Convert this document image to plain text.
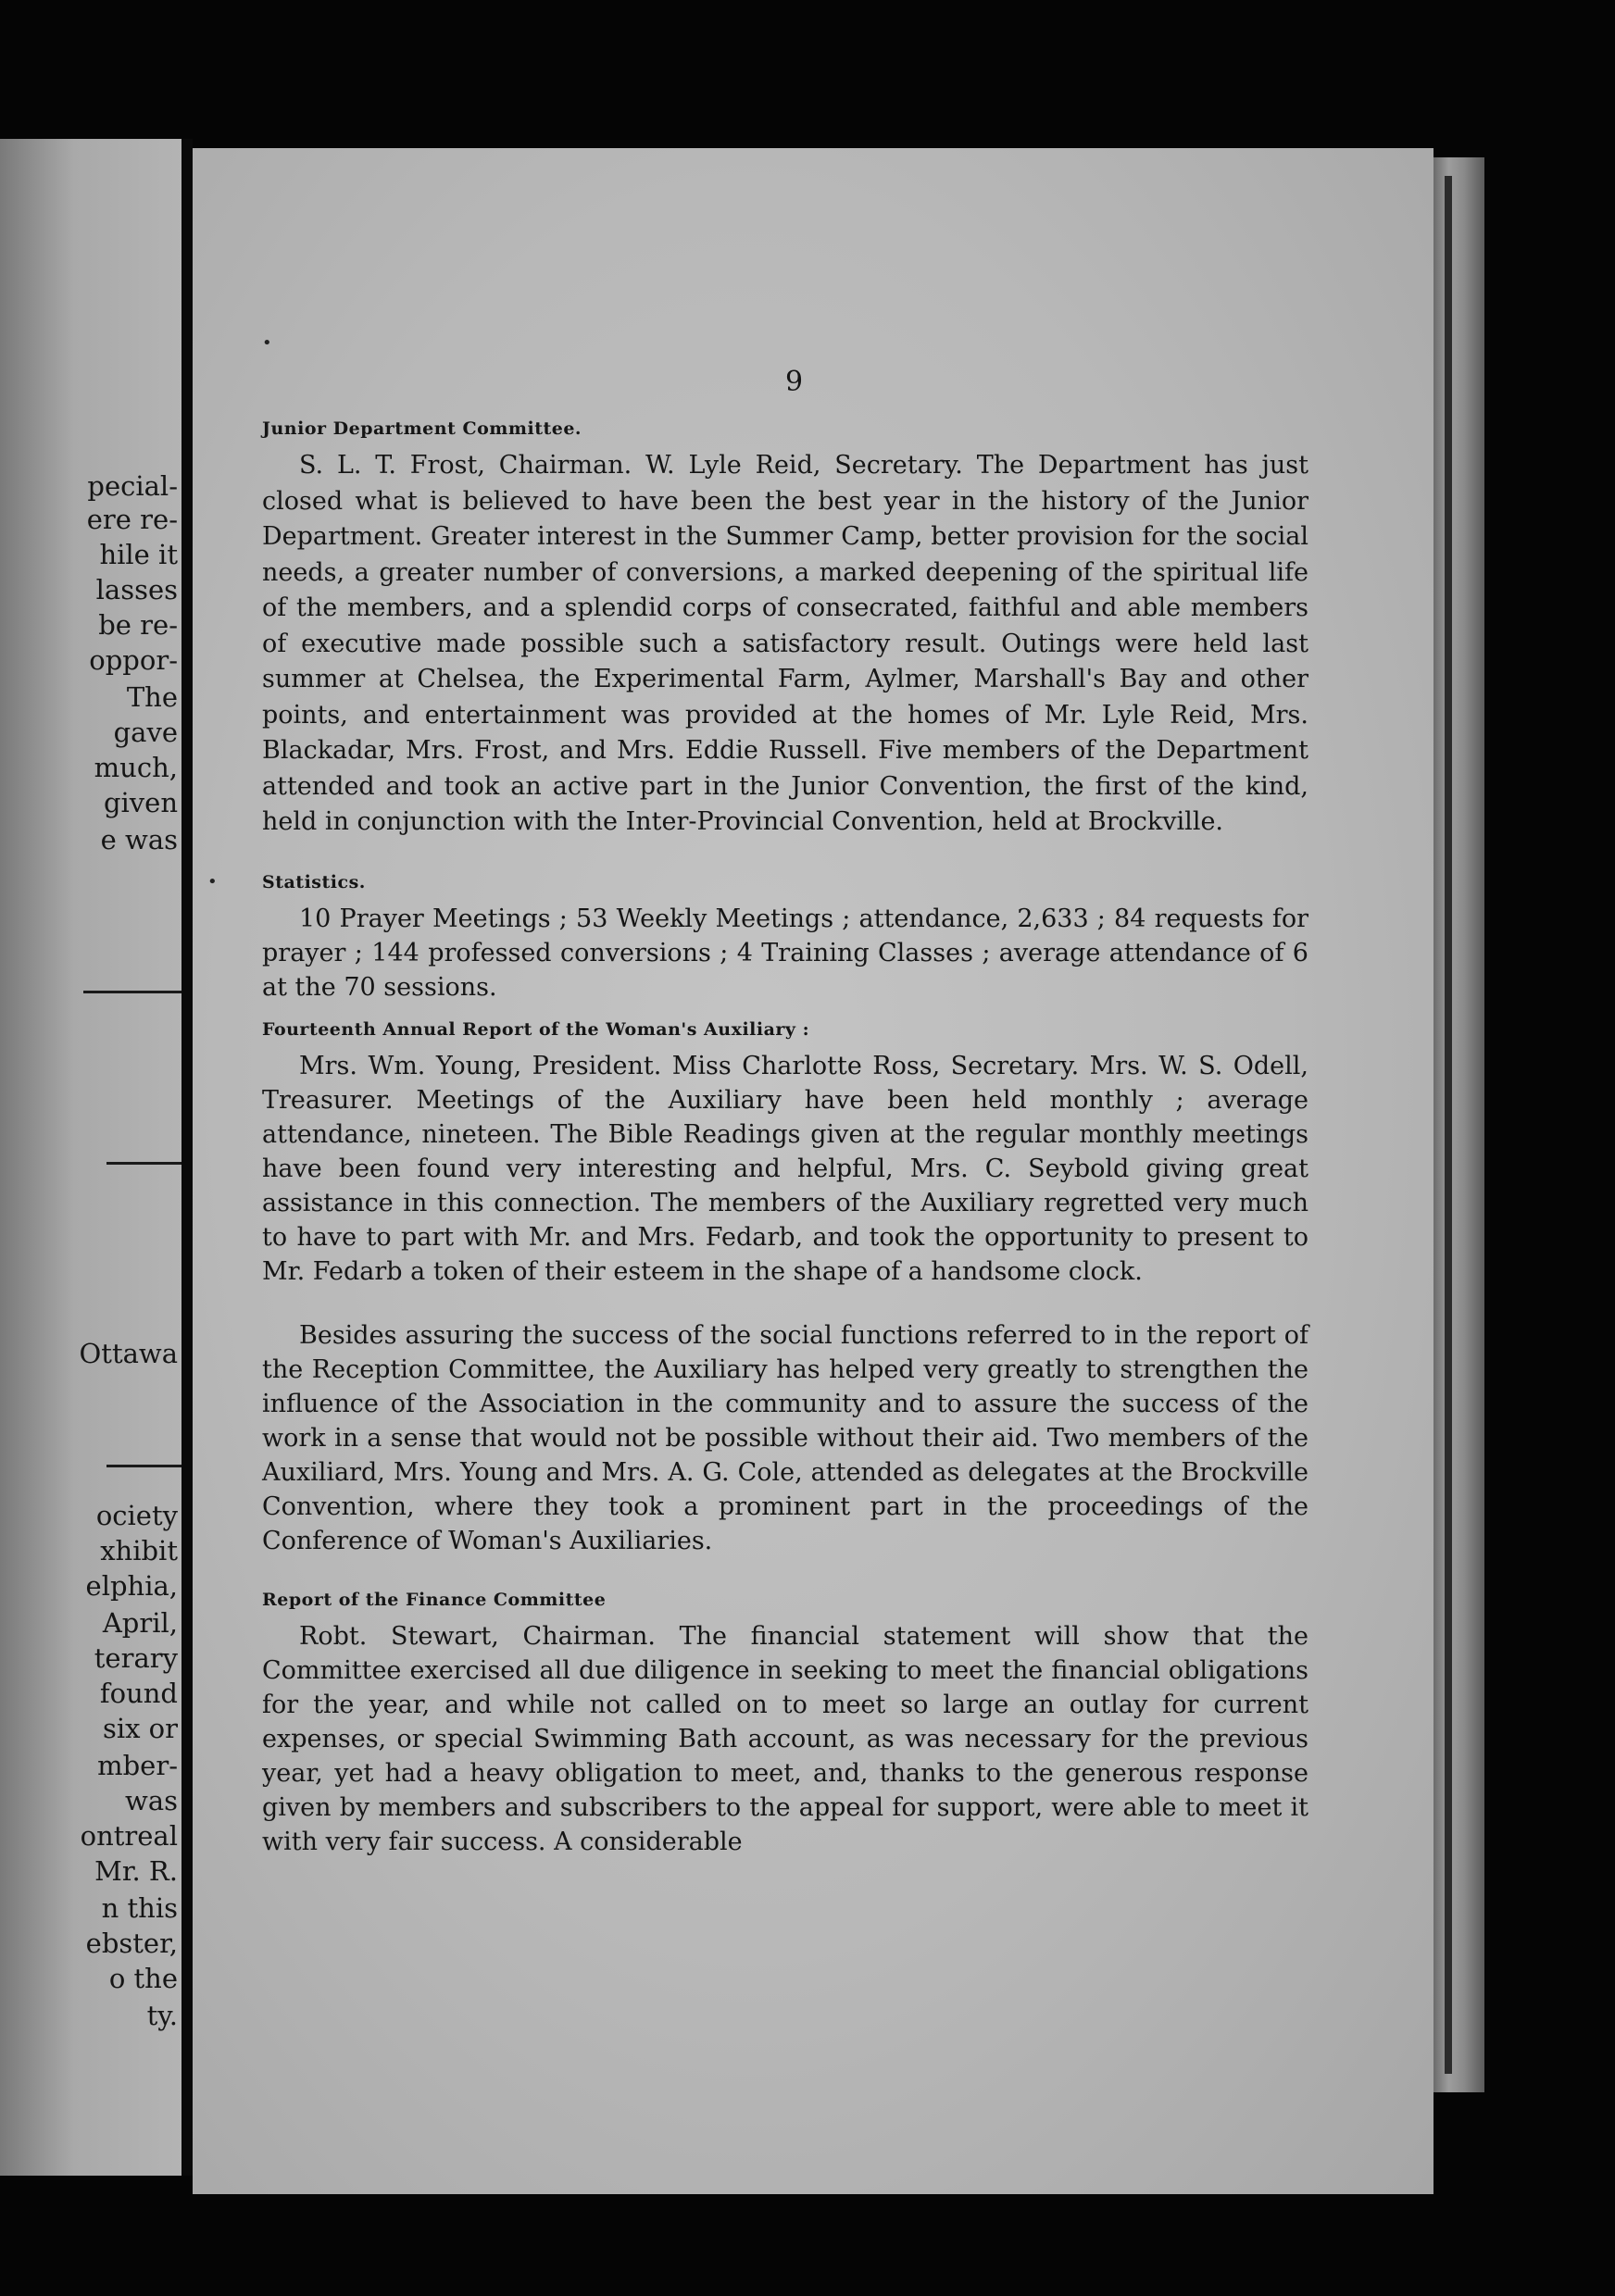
pecial-
ere re-
hile it
lasses
be re-
oppor-
The
gave
much,
given
e was
Ottawa
ociety
xhibit
elphia,
April,
terary
found
six or
mber-
was
ontreal
Mr. R.
n this
ebster,
o the
ty.
•
•
9
Junior Department Committee.

S. L. T. Frost, Chairman. W. Lyle Reid, Secretary. The Department has just closed what is believed to have been the best year in the history of the Junior Department. Greater interest in the Summer Camp, better provision for the social needs, a greater number of conversions, a marked deepening of the spiritual life of the members, and a splendid corps of consecrated, faithful and able members of executive made possible such a satisfactory result. Outings were held last summer at Chelsea, the Experimental Farm, Aylmer, Marshall's Bay and other points, and entertainment was provided at the homes of Mr. Lyle Reid, Mrs. Blackadar, Mrs. Frost, and Mrs. Eddie Russell. Five members of the Department attended and took an active part in the Junior Convention, the first of the kind, held in conjunction with the Inter-Provincial Convention, held at Brockville.

Statistics.

10 Prayer Meetings ; 53 Weekly Meetings ; attendance, 2,633 ; 84 requests for prayer ; 144 professed conversions ; 4 Training Classes ; average attendance of 6 at the 70 sessions.

Fourteenth Annual Report of the Woman's Auxiliary :

Mrs. Wm. Young, President. Miss Charlotte Ross, Secretary. Mrs. W. S. Odell, Treasurer. Meetings of the Auxiliary have been held monthly ; average attendance, nineteen. The Bible Readings given at the regular monthly meetings have been found very interesting and helpful, Mrs. C. Seybold giving great assistance in this connection. The members of the Auxiliary regretted very much to have to part with Mr. and Mrs. Fedarb, and took the opportunity to present to Mr. Fedarb a token of their esteem in the shape of a handsome clock.

Besides assuring the success of the social functions referred to in the report of the Reception Committee, the Auxiliary has helped very greatly to strengthen the influence of the Association in the community and to assure the success of the work in a sense that would not be possible without their aid. Two members of the Auxiliard, Mrs. Young and Mrs. A. G. Cole, attended as delegates at the Brockville Convention, where they took a prominent part in the proceedings of the Conference of Woman's Auxiliaries.

Report of the Finance Committee

Robt. Stewart, Chairman. The financial statement will show that the Committee exercised all due diligence in seeking to meet the financial obligations for the year, and while not called on to meet so large an outlay for current expenses, or special Swimming Bath account, as was necessary for the previous year, yet had a heavy obligation to meet, and, thanks to the generous response given by members and subscribers to the appeal for support, were able to meet it with very fair success. A considerable
